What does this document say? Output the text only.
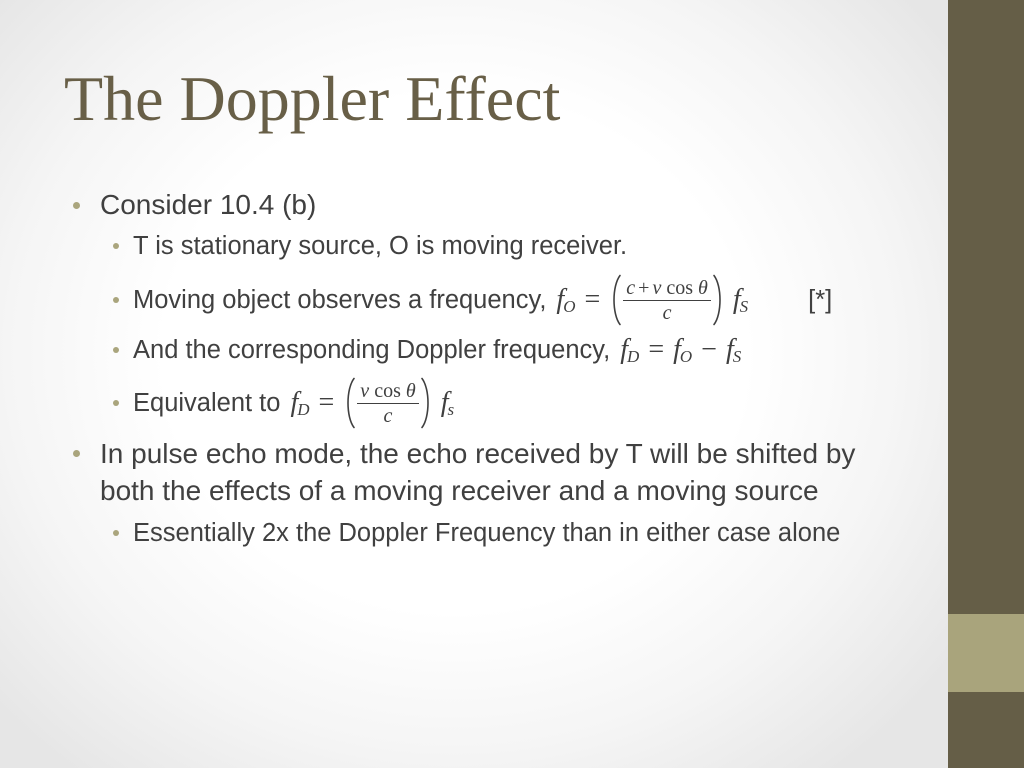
The Doppler Effect
Consider 10.4 (b)
T is stationary source, O is moving receiver.
Moving object observes a frequency, f $O = \frac{\text{c + v cos θ}}{c}$ f S [*]
And the corresponding Doppler frequency, f D = f O − f S
Equivalent to f $D = \frac{\text{v cos θ}}{c}$ f s
In pulse echo mode, the echo received by T will be shifted by
both the effects of a moving receiver and a moving source
Essentially 2x the Doppler Frequency than in either case alone
